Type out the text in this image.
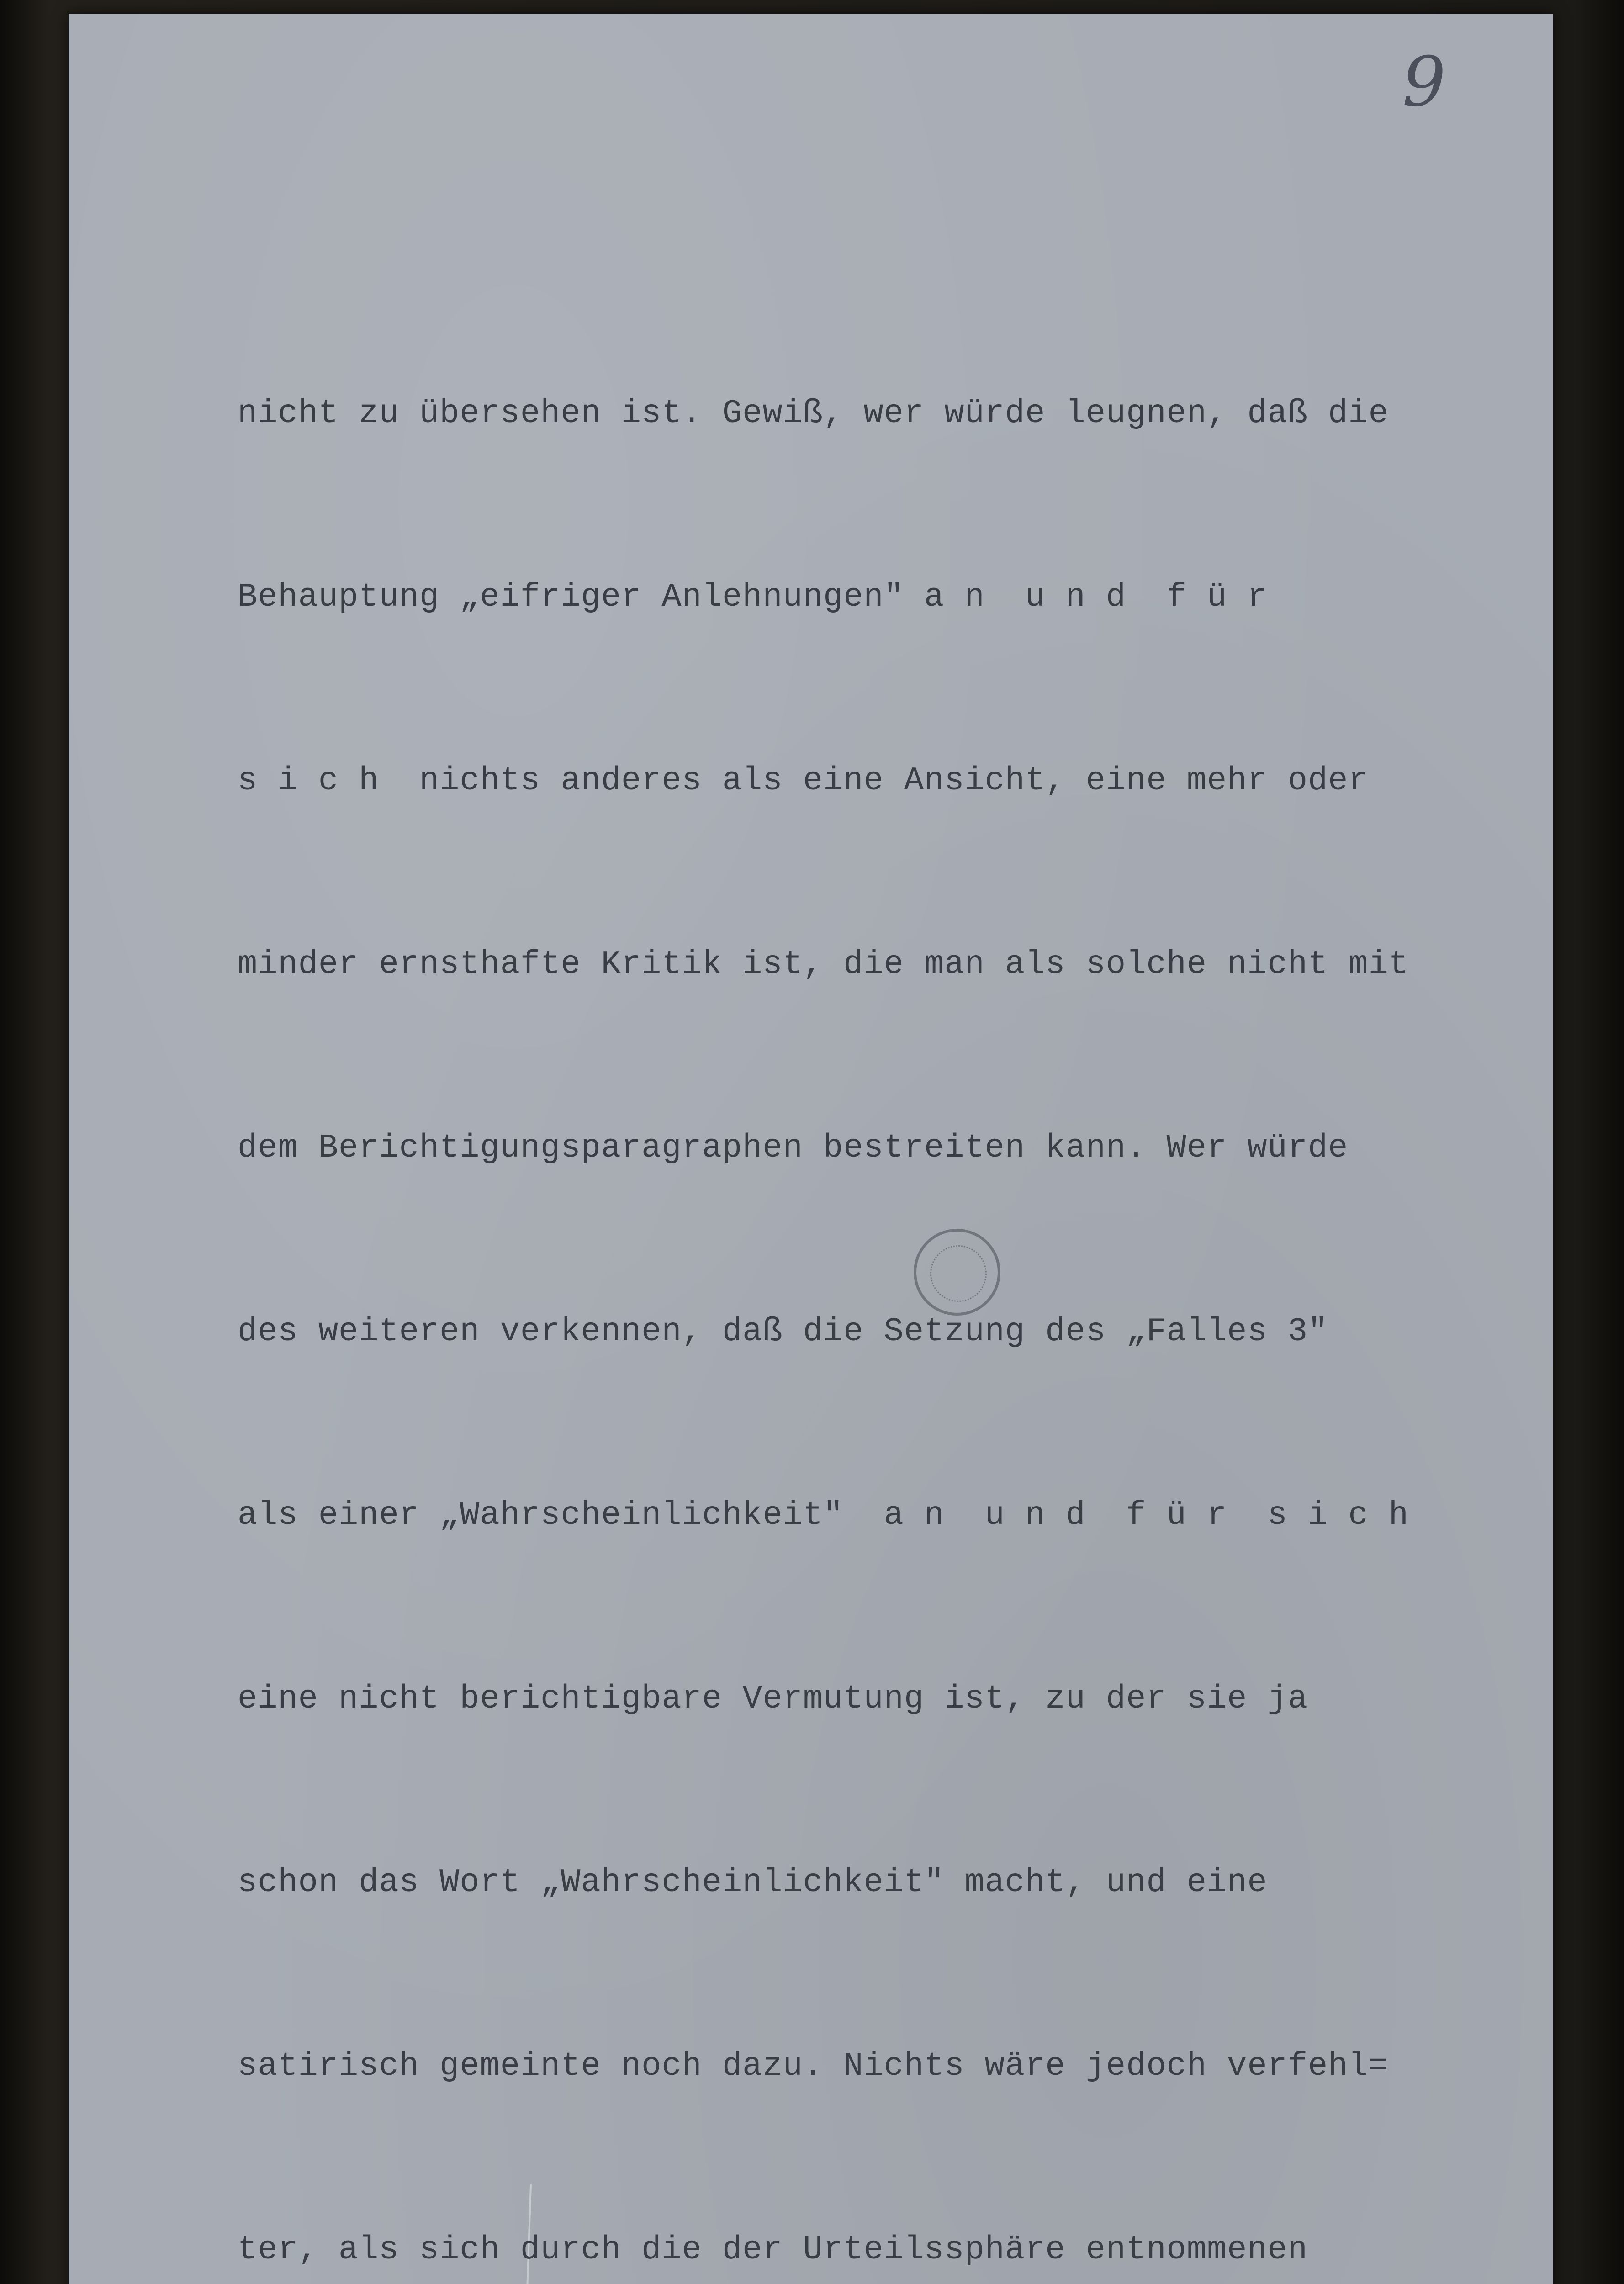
9

nicht zu übersehen ist. Gewiß, wer würde leugnen, daß die

Behauptung „eifriger Anlehnungen" a n  u n d  f ü r

s i c h  nichts anderes als eine Ansicht, eine mehr oder

minder ernsthafte Kritik ist, die man als solche nicht mit

dem Berichtigungsparagraphen bestreiten kann. Wer würde

des weiteren verkennen, daß die Setzung des „Falles 3"

als einer „Wahrscheinlichkeit"  a n  u n d  f ü r  s i c h

eine nicht berichtigbare Vermutung ist, zu der sie ja

schon das Wort „Wahrscheinlichkeit" macht, und eine

satirisch gemeinte noch dazu. Nichts wäre jedoch verfehl=

ter, als sich durch die der Urteilssphäre entnommenen
